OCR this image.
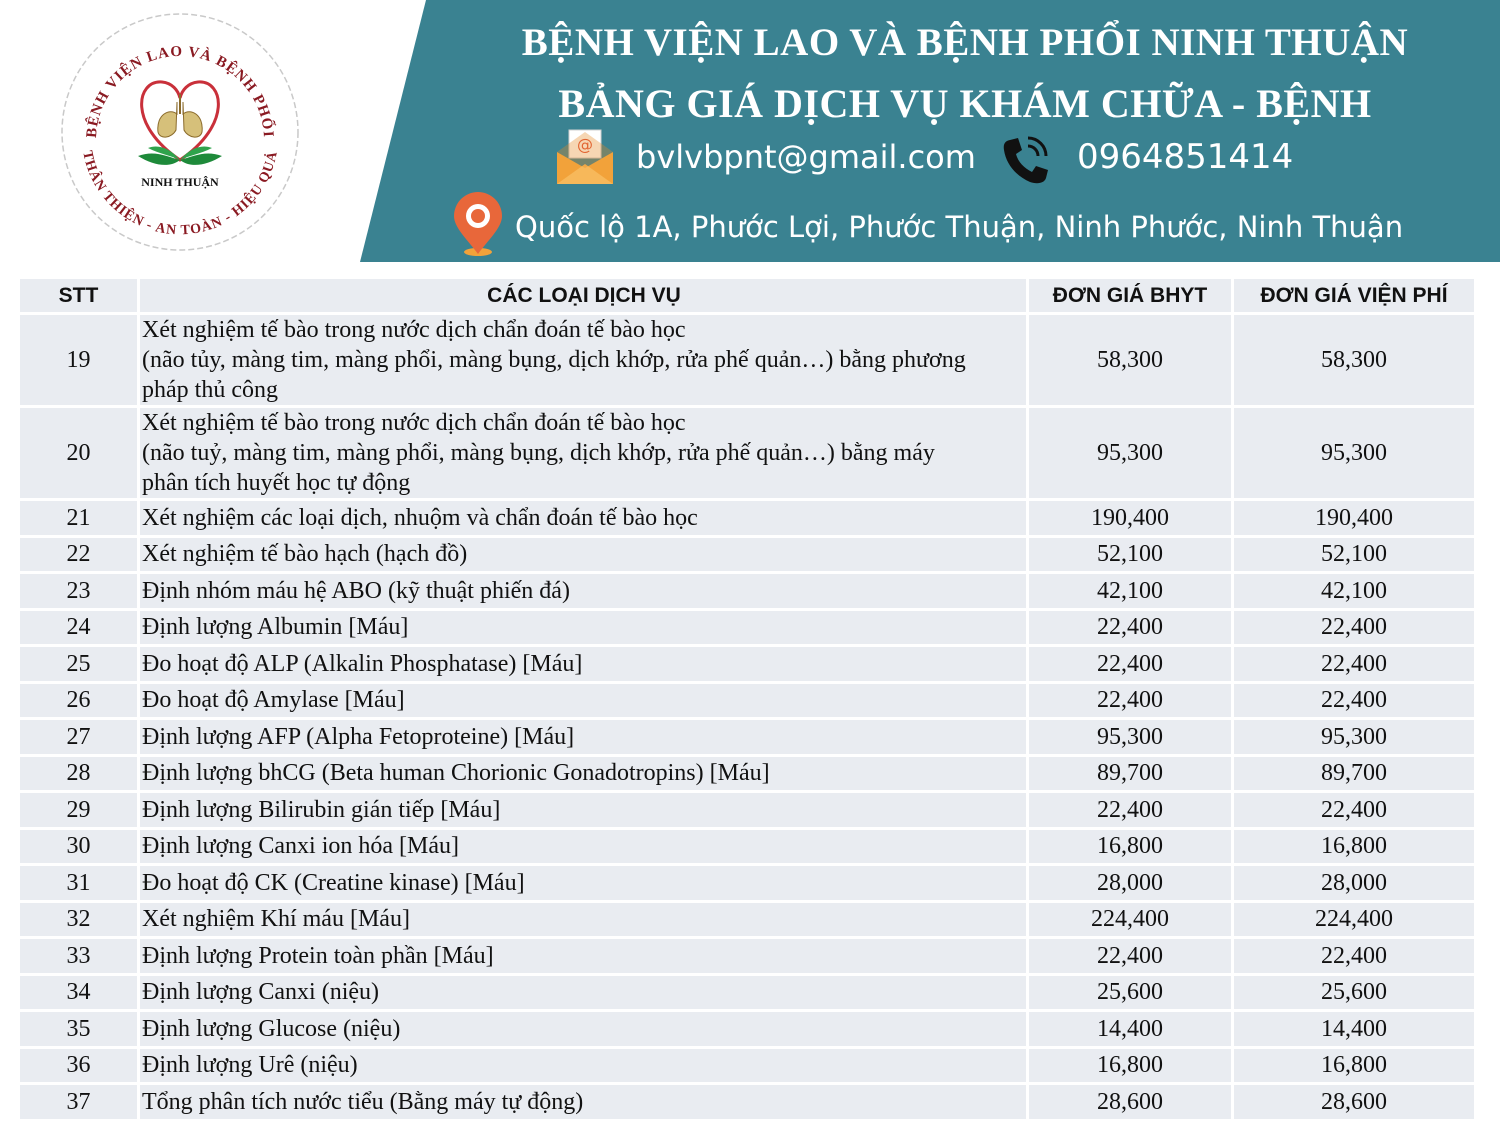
BỆNH VIỆN LAO VÀ BỆNH PHỔI
THÂN THIỆN - AN TOÀN - HIỆU QUẢ
NINH THUẬN
BỆNH VIỆN LAO VÀ BỆNH PHỔI NINH THUẬN
BẢNG GIÁ DỊCH VỤ KHÁM CHỮA - BỆNH
@ bvlvbpnt@gmail.com	0964851414
Quốc lộ 1A, Phước Lợi, Phước Thuận, Ninh Phước, Ninh Thuận
STT	CÁC LOẠI DỊCH VỤ	ĐƠN GIÁ BHYT	ĐƠN GIÁ VIỆN PHÍ
19	Xét nghiệm tế bào trong nước dịch chẩn đoán tế bào học
(não tủy, màng tim, màng phổi, màng bụng, dịch khớp, rửa phế quản…) bằng phương
pháp thủ công	58,300	58,300
20	Xét nghiệm tế bào trong nước dịch chẩn đoán tế bào học
(não tuỷ, màng tim, màng phổi, màng bụng, dịch khớp, rửa phế quản…) bằng máy
phân tích huyết học tự động	95,300	95,300
21	Xét nghiệm các loại dịch, nhuộm và chẩn đoán tế bào học	190,400	190,400
22	Xét nghiệm tế bào hạch (hạch đồ)	52,100	52,100
23	Định nhóm máu hệ ABO (kỹ thuật phiến đá)	42,100	42,100
24	Định lượng Albumin [Máu]	22,400	22,400
25	Đo hoạt độ ALP (Alkalin Phosphatase) [Máu]	22,400	22,400
26	Đo hoạt độ Amylase [Máu]	22,400	22,400
27	Định lượng AFP (Alpha Fetoproteine) [Máu]	95,300	95,300
28	Định lượng bhCG (Beta human Chorionic Gonadotropins) [Máu]	89,700	89,700
29	Định lượng Bilirubin gián tiếp [Máu]	22,400	22,400
30	Định lượng Canxi ion hóa [Máu]	16,800	16,800
31	Đo hoạt độ CK (Creatine kinase) [Máu]	28,000	28,000
32	Xét nghiệm Khí máu [Máu]	224,400	224,400
33	Định lượng Protein toàn phần [Máu]	22,400	22,400
34	Định lượng Canxi (niệu)	25,600	25,600
35	Định lượng Glucose (niệu)	14,400	14,400
36	Định lượng Urê (niệu)	16,800	16,800
37	Tổng phân tích nước tiểu (Bằng máy tự động)	28,600	28,600
